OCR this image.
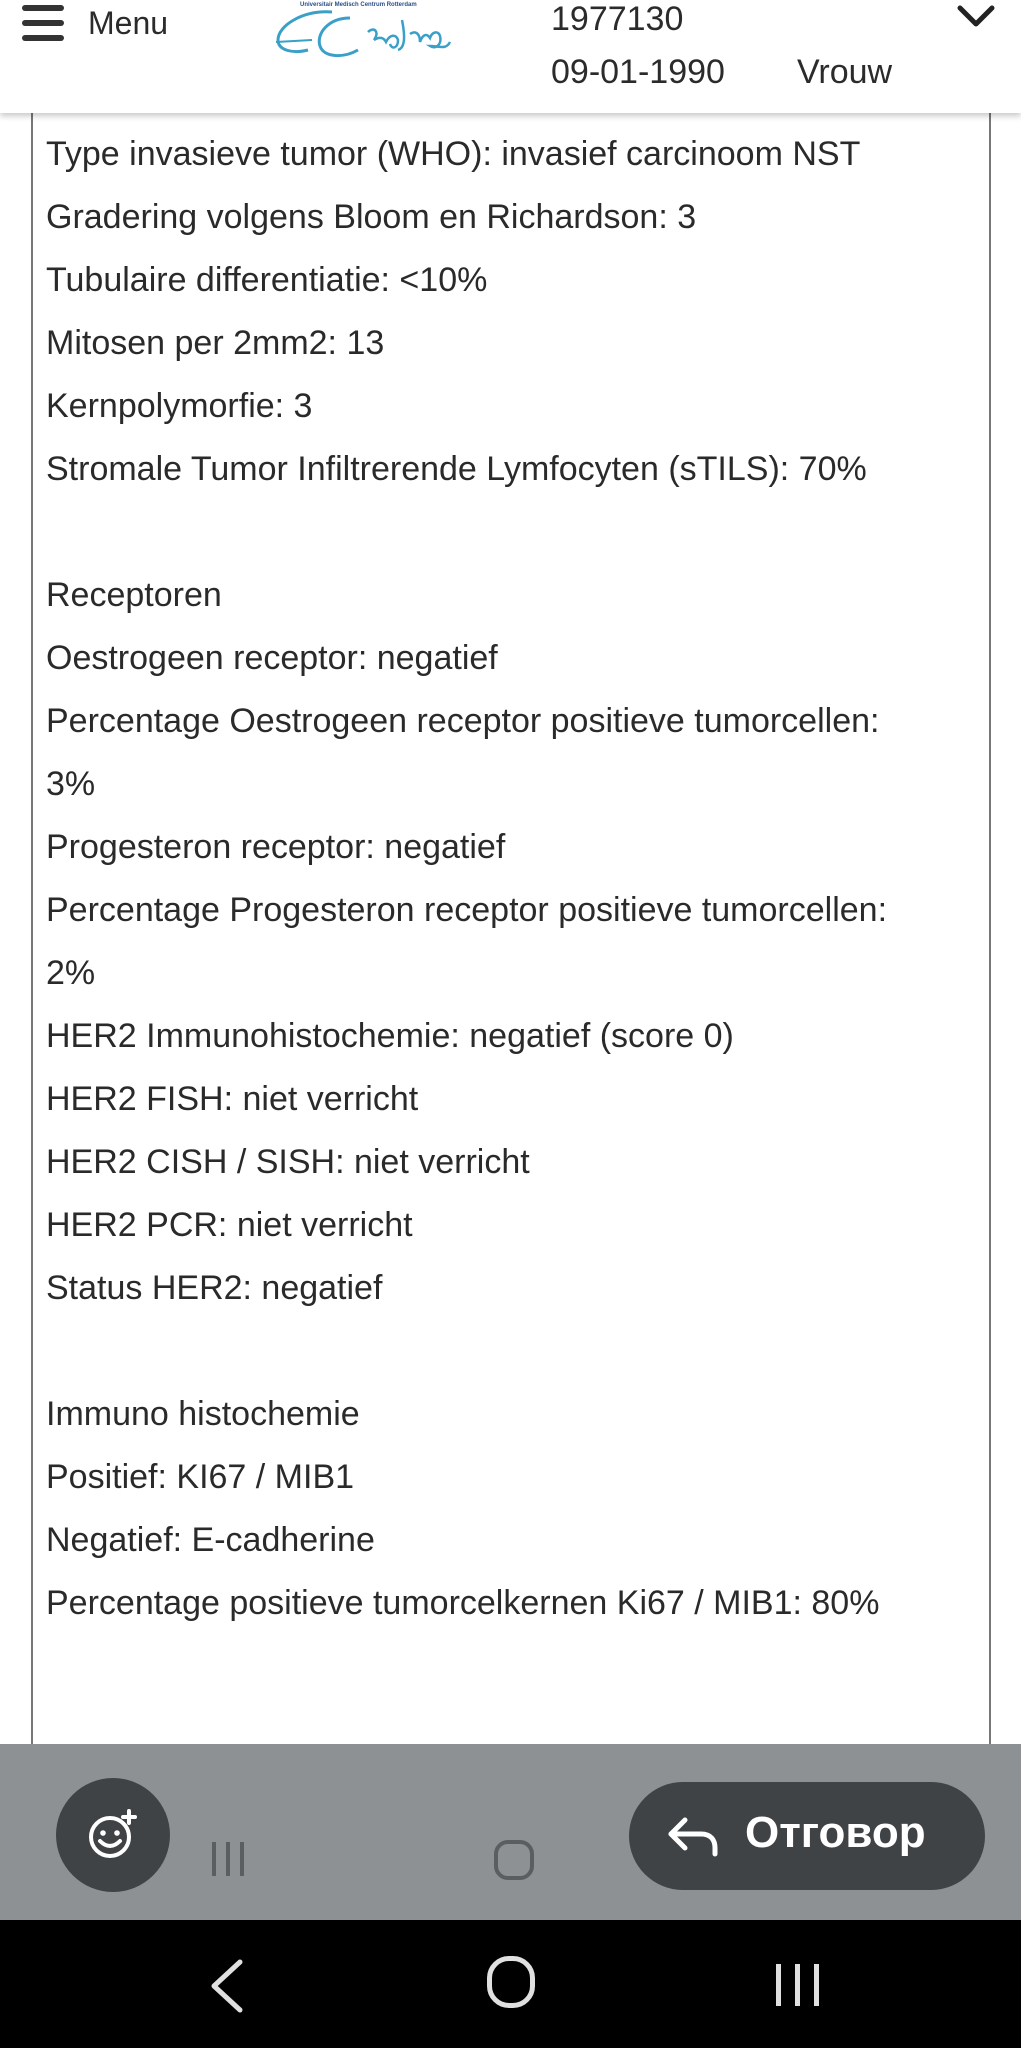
Menu	Universitair Medisch Centrum Rotterdam	1977130
09-01-1990 Vrouw
Type invasieve tumor (WHO): invasief carcinoom NST
Gradering volgens Bloom en Richardson: 3
Tubulaire differentiatie: <10%
Mitosen per 2mm2: 13
Kernpolymorfie: 3
Stromale Tumor Infiltrerende Lymfocyten (sTILS): 70%
Receptoren
Oestrogeen receptor: negatief
Percentage Oestrogeen receptor positieve tumorcellen:
3%
Progesteron receptor: negatief
Percentage Progesteron receptor positieve tumorcellen:
2%
HER2 Immunohistochemie: negatief (score 0)
HER2 FISH: niet verricht
HER2 CISH / SISH: niet verricht
HER2 PCR: niet verricht
Status HER2: negatief
Immuno histochemie
Positief: KI67 / MIB1
Negatief: E-cadherine
Percentage positieve tumorcelkernen Ki67 / MIB1: 80%
Отговор
